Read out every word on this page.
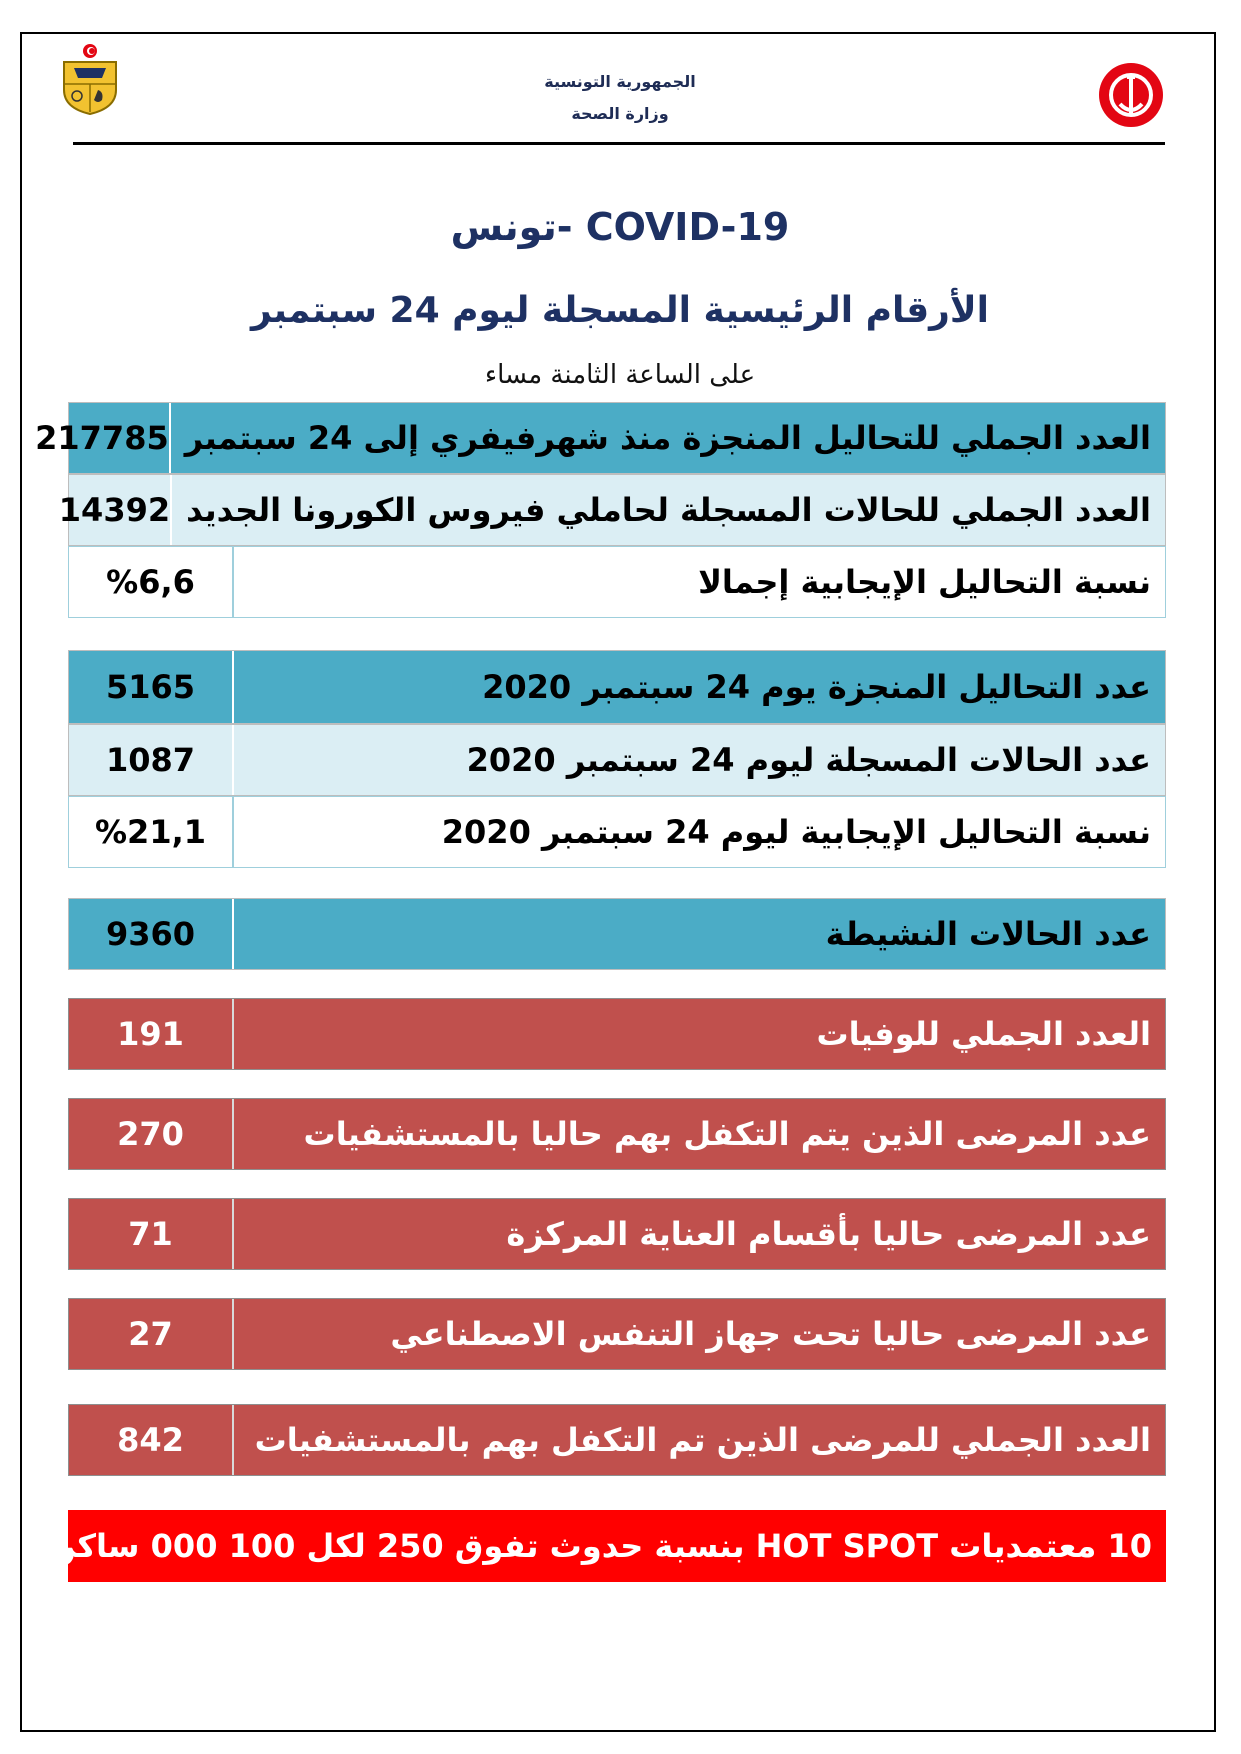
الجمهورية التونسية
وزارة الصحة
COVID-19 -تونس
الأرقام الرئيسية المسجلة ليوم 24 سبتمبر
على الساعة الثامنة مساء
العدد الجملي للتحاليل المنجزة منذ شهرفيفري إلى 24 سبتمبر
217785
العدد الجملي للحالات المسجلة لحاملي فيروس الكورونا الجديد
14392
نسبة التحاليل الإيجابية إجمالا
%6,6
عدد التحاليل المنجزة يوم 24 سبتمبر 2020
5165
عدد الحالات المسجلة ليوم 24 سبتمبر 2020
1087
نسبة التحاليل الإيجابية ليوم 24 سبتمبر 2020
%21,1
عدد الحالات النشيطة
9360
العدد الجملي للوفيات
191
عدد المرضى الذين يتم التكفل بهم حاليا بالمستشفيات
270
عدد المرضى حاليا بأقسام العناية المركزة
71
عدد المرضى حاليا تحت جهاز التنفس الاصطناعي
27
العدد الجملي للمرضى الذين تم التكفل بهم بالمستشفيات
842
10 معتمديات HOT SPOT بنسبة حدوث تفوق 250 لكل 100 000 ساكن
